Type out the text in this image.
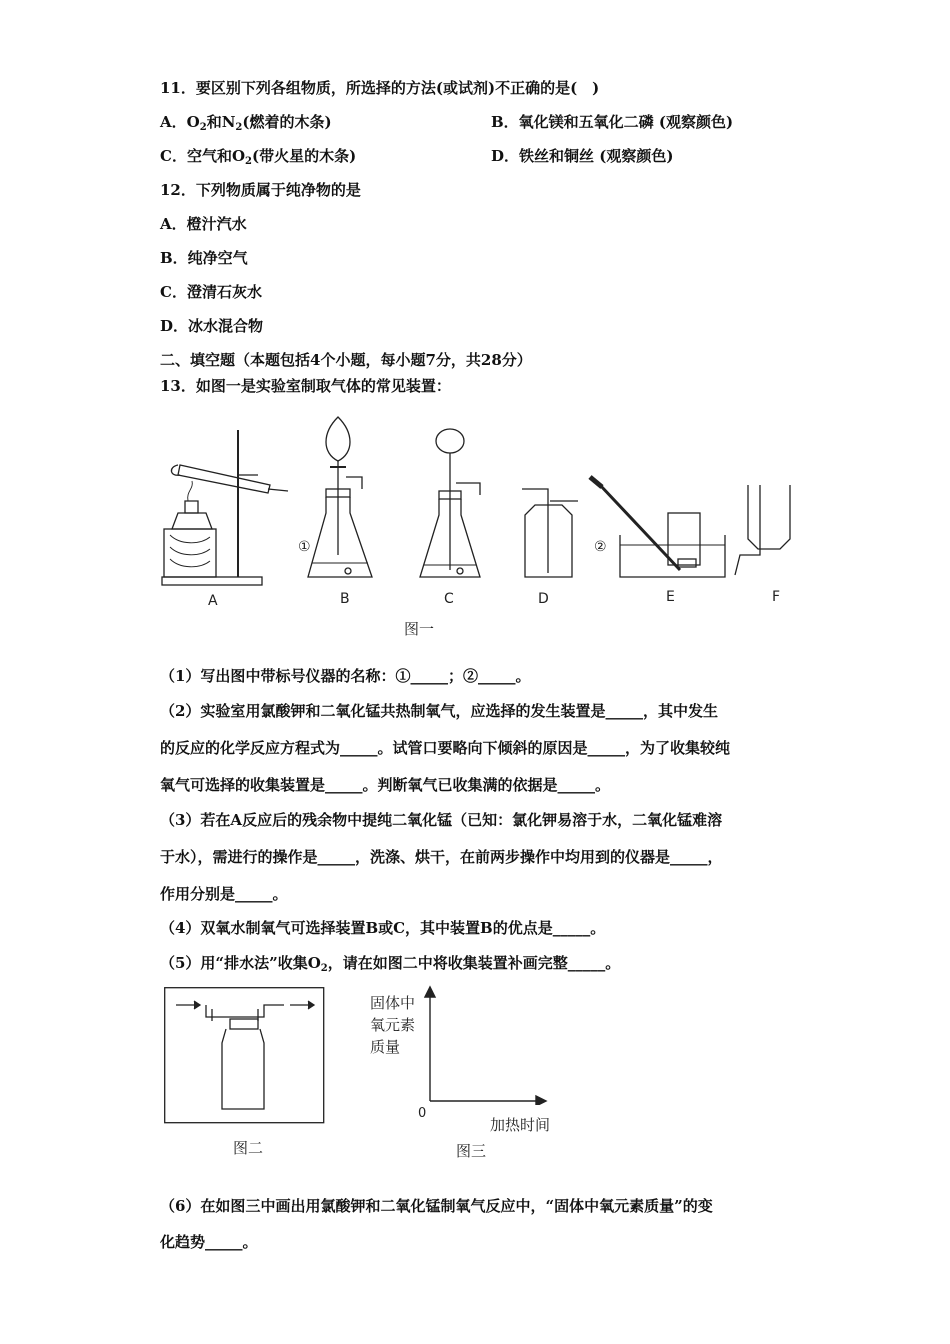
11．要区别下列各组物质，所选择的方法(或试剂)不正确的是(　)
A．$O_2$和$N_2$(燃着的木条)	B．氧化镁和五氧化二磷 (观察颜色)
C．空气和$O_2$(带火星的木条)	D．铁丝和铜丝 (观察颜色)
12．下列物质属于纯净物的是
A．橙汁汽水
B．纯净空气
C．澄清石灰水
D．冰水混合物
二、填空题（本题包括4个小题，每小题7分，共28分）
13．如图一是实验室制取气体的常见装置：
①	②
A	B	C	D	E	F
图一
（1）写出图中带标号仪器的名称：①_____；②_____。
（2）实验室用氯酸钾和二氧化锰共热制氧气，应选择的发生装置是_____，其中发生
的反应的化学反应方程式为_____。试管口要略向下倾斜的原因是_____，为了收集较纯
氧气可选择的收集装置是_____。判断氧气已收集满的依据是_____。
（3）若在A反应后的残余物中提纯二氧化锰（已知：氯化钾易溶于水，二氧化锰难溶
于水），需进行的操作是_____，洗涤、烘干，在前两步操作中均用到的仪器是_____，
作用分别是_____。
（4）双氧水制氧气可选择装置B或C，其中装置B的优点是_____。
（5）用“排水法”收集$O_2$，请在如图二中将收集装置补画完整_____。
图二
固体中
氧元素
质量
0
加热时间
图三
（6）在如图三中画出用氯酸钾和二氧化锰制氧气反应中，“固体中氧元素质量”的变
化趋势_____。
